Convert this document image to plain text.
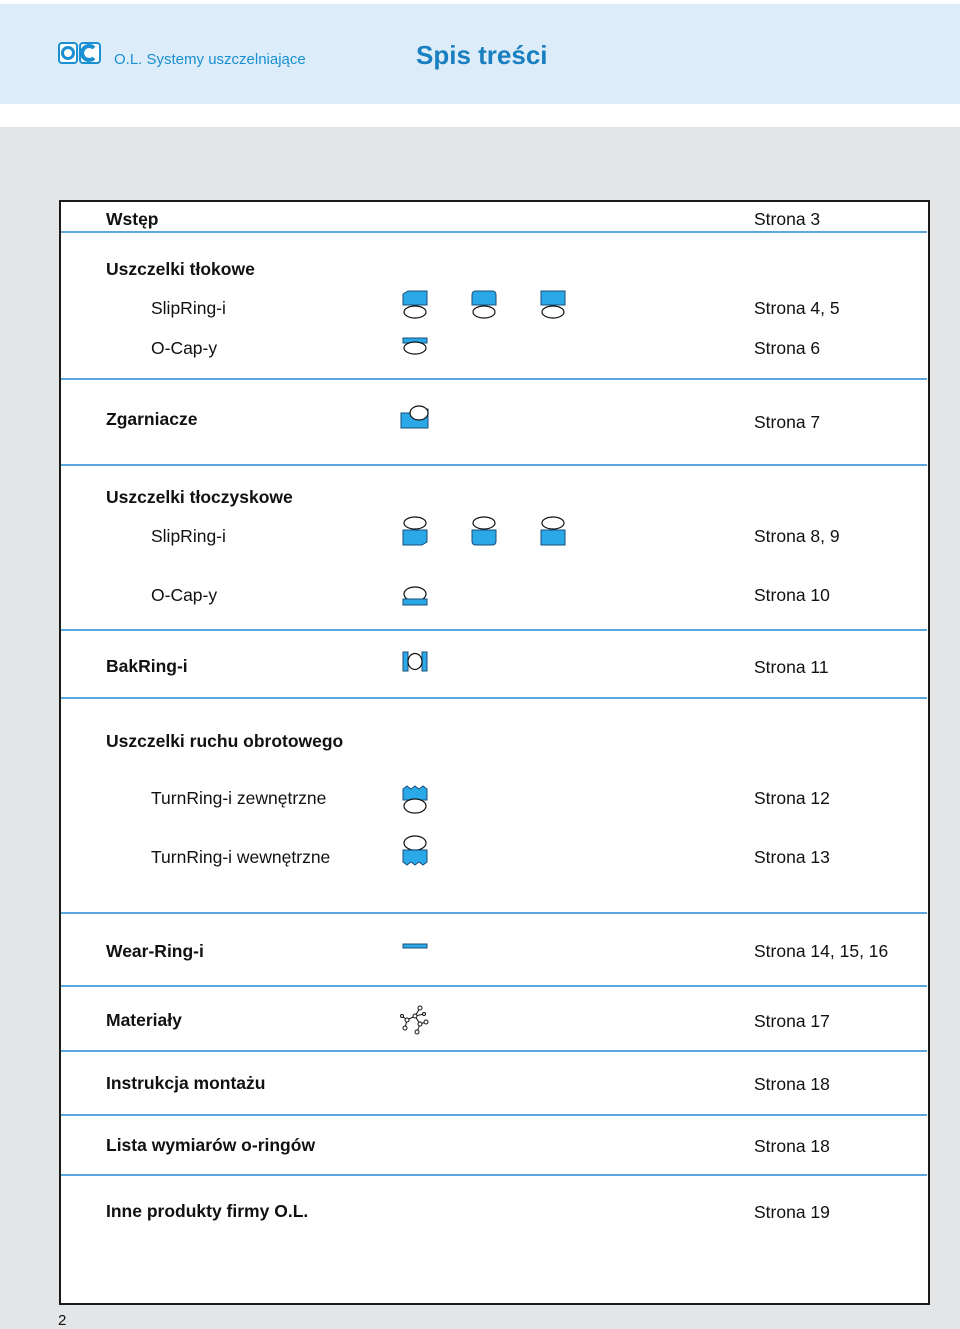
O.L. Systemy uszczelniające	Spis treści
Wstęp	Strona 3
Uszczelki tłokowe
SlipRing-i	Strona 4, 5
O-Cap-y	Strona 6
Zgarniacze	Strona 7
Uszczelki tłoczyskowe
SlipRing-i	Strona 8, 9
O-Cap-y	Strona 10
BakRing-i	Strona 11
Uszczelki ruchu obrotowego
TurnRing-i zewnętrzne	Strona 12
TurnRing-i wewnętrzne	Strona 13
Wear-Ring-i	Strona 14, 15, 16
Materiały	Strona 17
Instrukcja montażu	Strona 18
Lista wymiarów o-ringów	Strona 18
Inne produkty firmy O.L.	Strona 19
2
